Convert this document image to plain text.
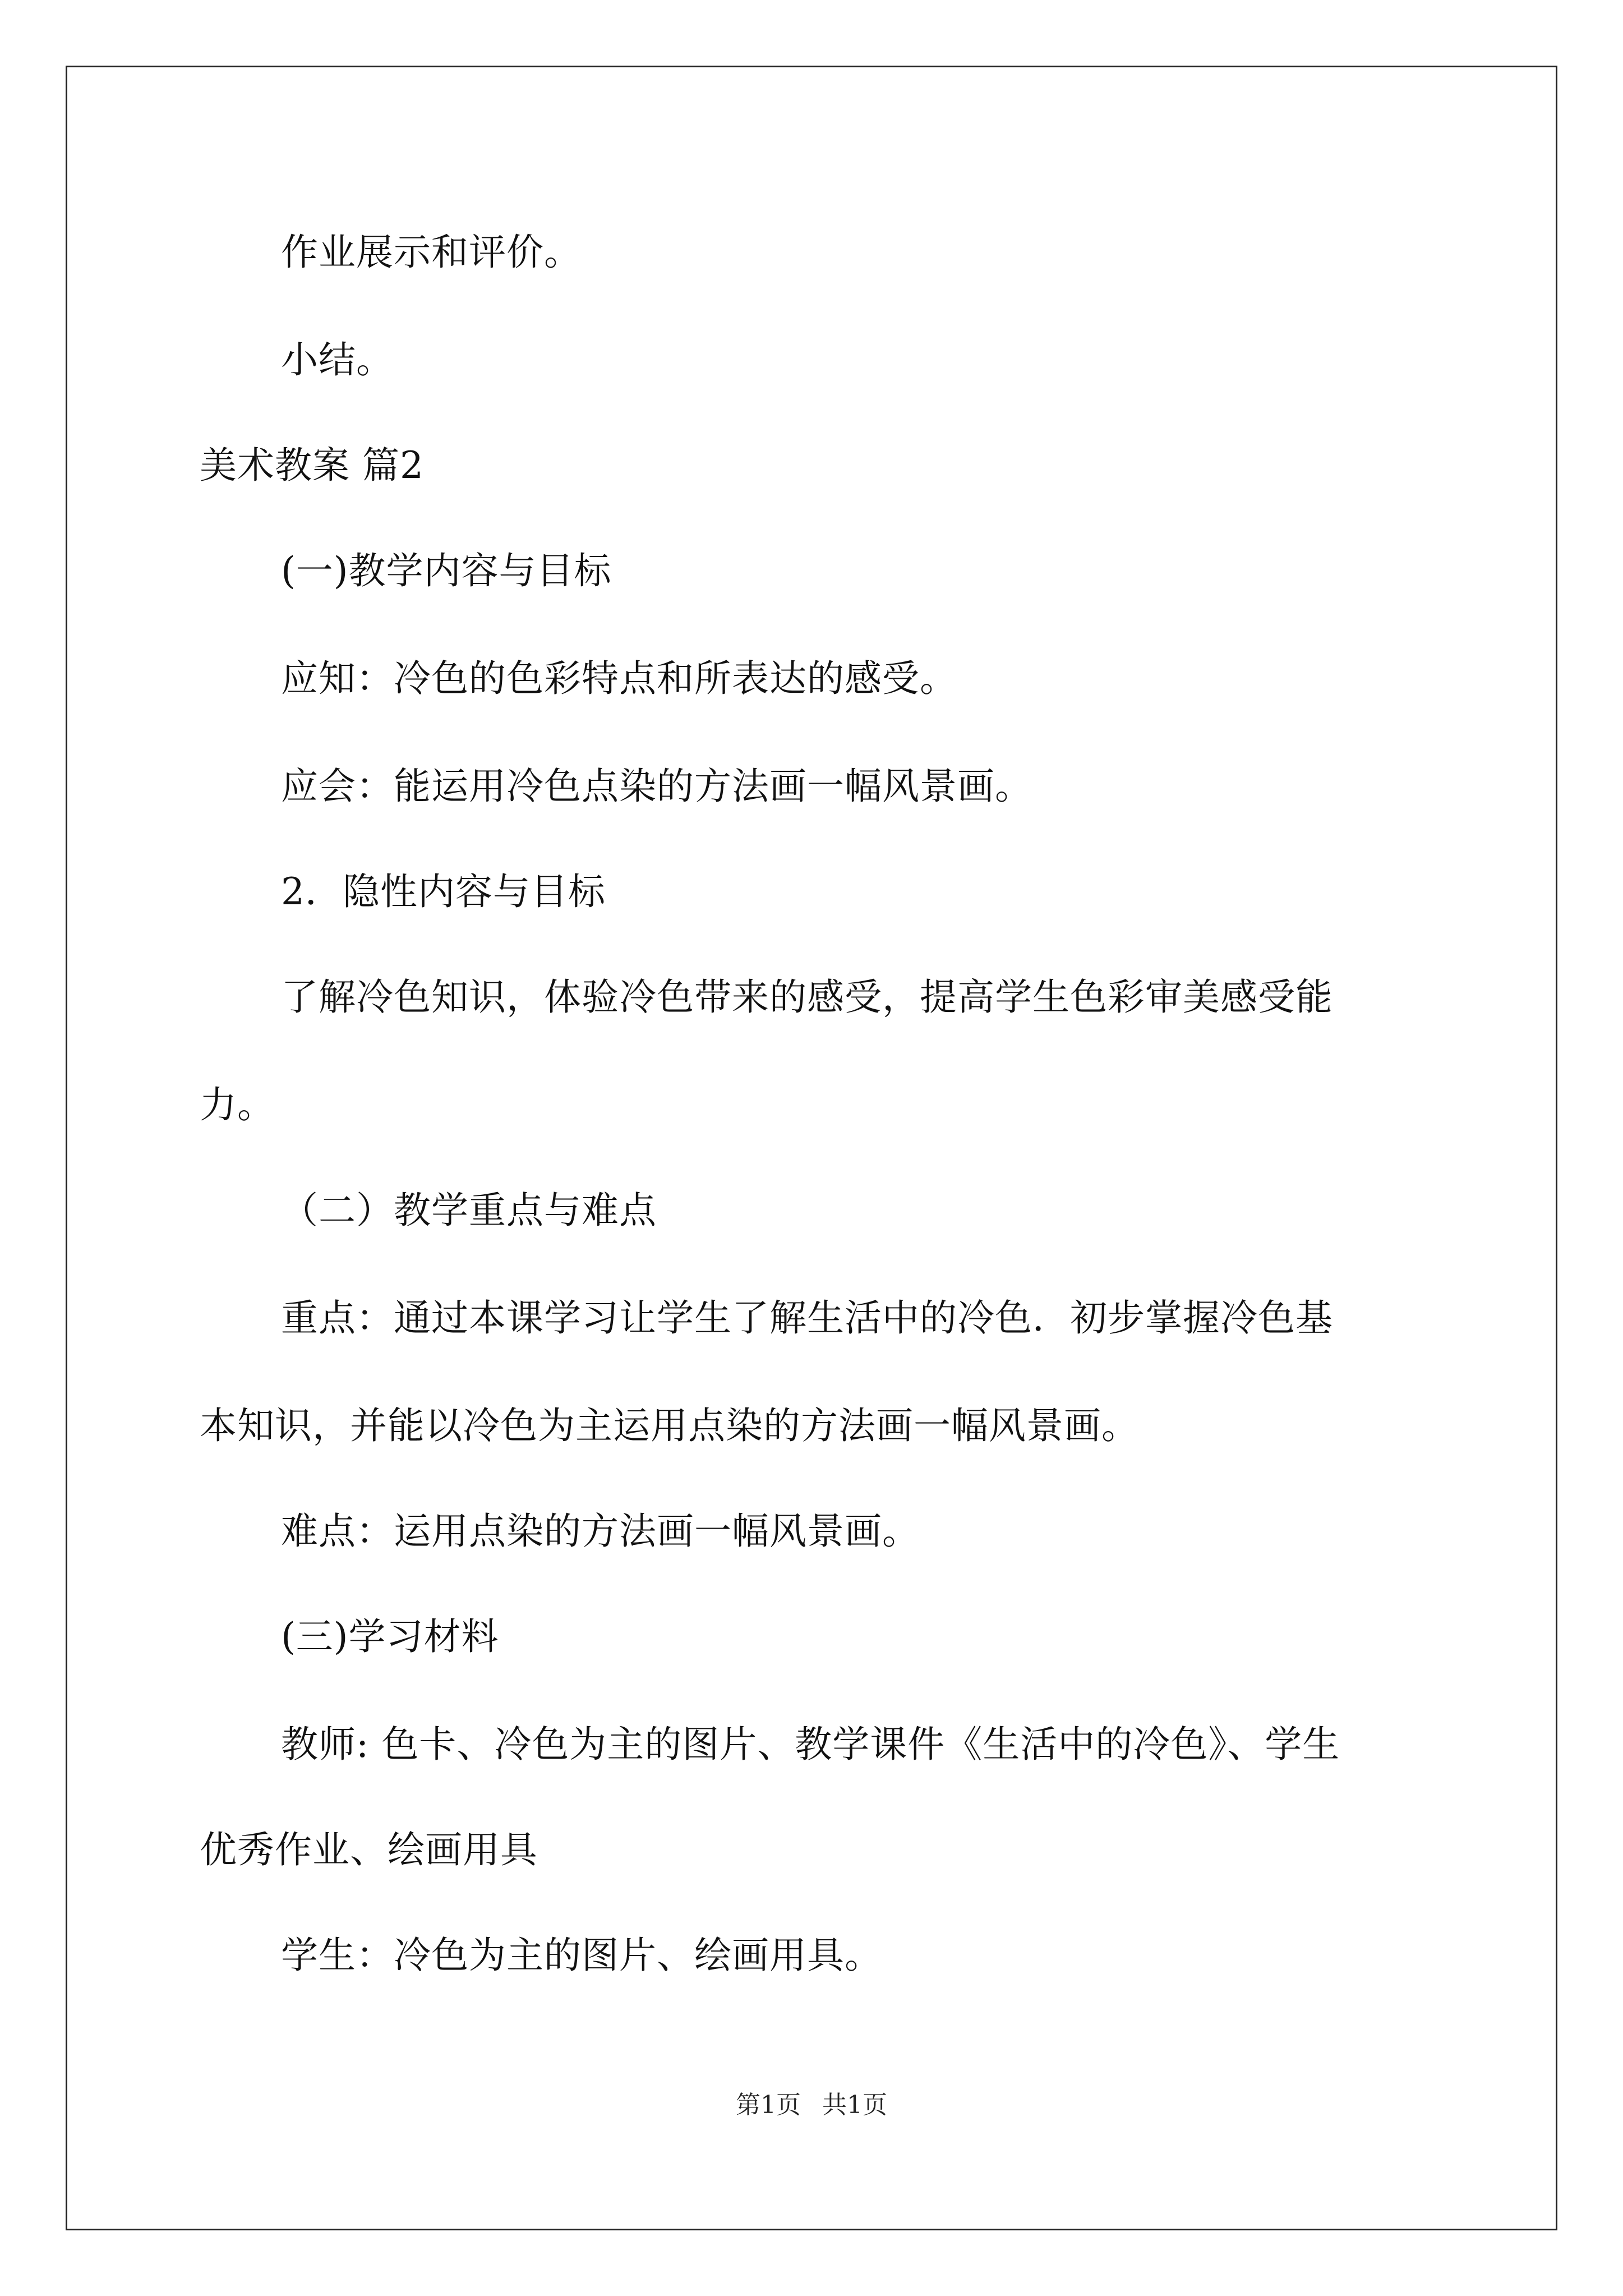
作业展示和评价。
小结。
美术教案 篇2
(一)教学内容与目标
应知：冷色的色彩特点和所表达的感受。
应会：能运用冷色点染的方法画一幅风景画。
2．隐性内容与目标
了解冷色知识，体验冷色带来的感受，提高学生色彩审美感受能
力。
（二）教学重点与难点
重点：通过本课学习让学生了解生活中的冷色．初步掌握冷色基
本知识，并能以冷色为主运用点染的方法画一幅风景画。
难点：运用点染的方法画一幅风景画。
(三)学习材料
教师: 色卡、冷色为主的图片、教学课件《生活中的冷色》、学生
优秀作业、绘画用具
学生：冷色为主的图片、绘画用具。
第1页 共1页
